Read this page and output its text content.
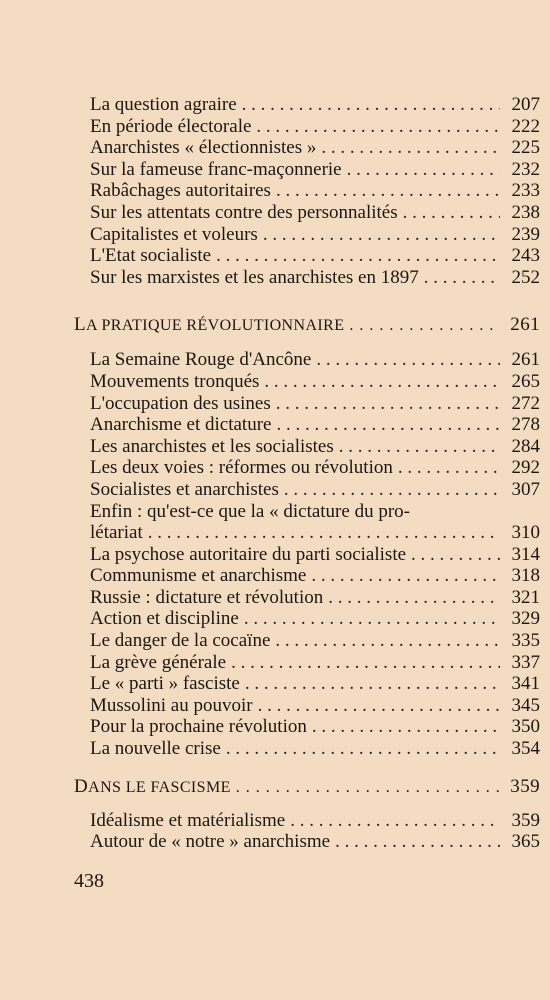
La question agraire . . .	207
En période électorale . . .	222
Anarchistes « électionnistes » . . .	225
Sur la fameuse franc-maçonnerie . . .	232
Rabâchages autoritaires . . .	233
Sur les attentats contre des personnalités . . .	238
Capitalistes et voleurs . . .	239
L'Etat socialiste . . .	243
Sur les marxistes et les anarchistes en 1897 . . .	252
LA PRATIQUE RÉVOLUTIONNAIRE . . .	261
La Semaine Rouge d'Ancône . . .	261
Mouvements tronqués . . .	265
L'occupation des usines . . .	272
Anarchisme et dictature . . .	278
Les anarchistes et les socialistes . . .	284
Les deux voies : réformes ou révolution . . .	292
Socialistes et anarchistes . . .	307
Enfin : qu'est-ce que la « dictature du pro-
létariat . . .	310
La psychose autoritaire du parti socialiste . . .	314
Communisme et anarchisme . . .	318
Russie : dictature et révolution . . .	321
Action et discipline . . .	329
Le danger de la cocaïne . . .	335
La grève générale . . .	337
Le « parti » fasciste . . .	341
Mussolini au pouvoir . . .	345
Pour la prochaine révolution . . .	350
La nouvelle crise . . .	354
DANS LE FASCISME . . .	359
Idéalisme et matérialisme . . .	359
Autour de « notre » anarchisme . . .	365
438
